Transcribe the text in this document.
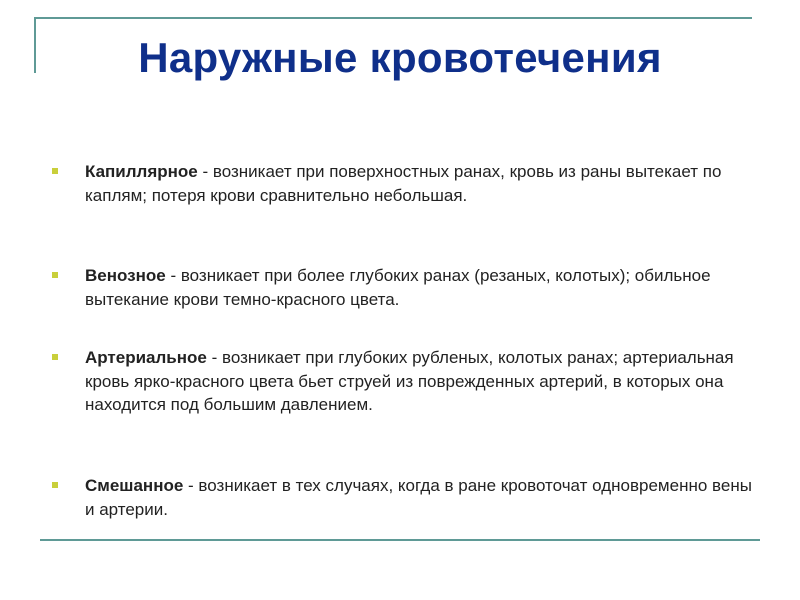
Наружные кровотечения
Капиллярное - возникает при поверхностных ранах, кровь из раны вытекает по каплям; потеря крови сравнительно небольшая.
Венозное - возникает при более глубоких ранах (резаных, колотых); обильное вытекание крови темно-красного цвета.
Артериальное - возникает при глубоких рубленых, колотых ранах; артериальная кровь ярко-красного цвета бьет струей из поврежденных артерий, в которых она находится под большим давлением.
Смешанное - возникает в тех случаях, когда в ране кровоточат одновременно вены и артерии.
